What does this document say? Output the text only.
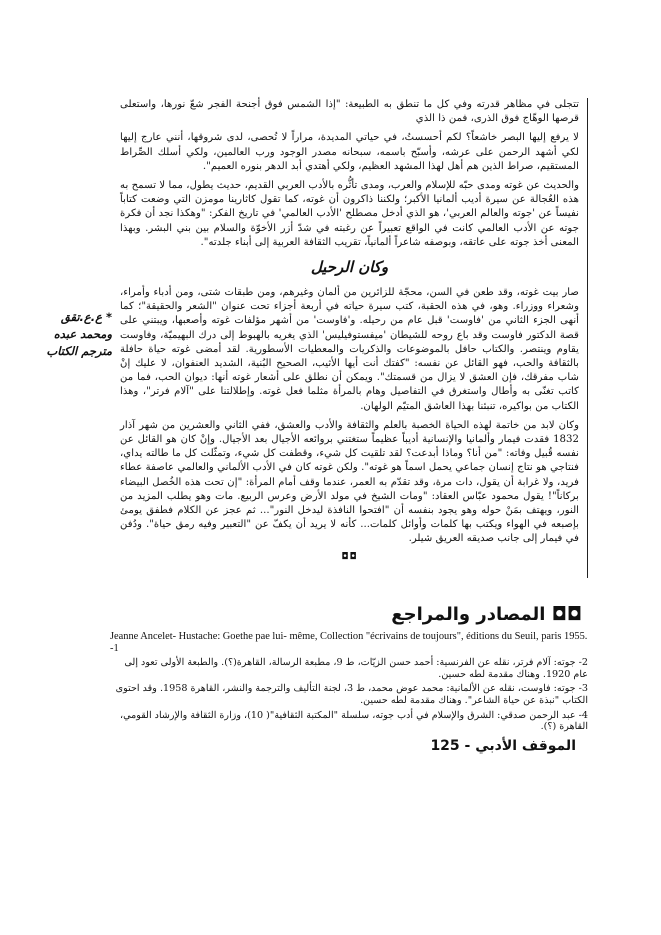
تتجلى في مظاهر قدرته وفي كل ما تنطق به الطبيعة: "إذا الشمس فوق أجنحة الفجر شعّ نورها، واستعلى قرصها الوهّاج فوق الذرى، فمن ذا الذي

لا يرفع إليها البصر خاشعاً؟ لكم أحسستُ، في حياتي المديدة، مراراً لا تُحصى، لدى شروقها، أنني عارج إليها لكي أشهد الرحمن على عرشه، وأسبّح باسمه، سبحانه مصدر الوجود ورب العالمين، ولكي أسلك الصِّراط المستقيم، صراط الذين هم أهل لهذا المشهد العظيم، ولكي أهتدي أبد الدهر بنوره العميم".

والحديث عن غوته ومدى حبّه للإسلام والعرب، ومدى تأثُّره بالأدب العربي القديم، حديث يطول، مما لا تسمح به هذه العُجالة عن سيرة أديب ألمانيا الأكبر؛ ولكننا ذاكرون أن غوته، كما تقول كاثارينا مومزن التي وضعت كتاباً نفيساً عن 'جوته والعالم العربي'، هو الذي أدخل مصطلح 'الأدب العالمي' في تاريخ الفكر: "وهكذا نجد أن فكرة جوته عن الأدب العالمي كانت في الواقع تعبيراً عن رغبته في شدّ أزر الأخوّة والسلام بين بني البشر. وبهذا المعنى أخذ جوته على عاتقه، وبوصفه شاعراً ألمانياً، تقريب الثقافة العربية إلى أبناء جلدته".

وكان الرحيل

صار بيت غوته، وقد طعن في السن، محجّة للزائرين من ألمان وغيرهم، ومن طبقات شتى، ومن أدباء وأمراء، وشعراء ووزراء. وهو، في هذه الحقبة، كتب سيرة حياته في أربعة أجزاء تحت عنوان "الشعر والحقيقة"؛ كما أنهى الجزء الثاني من 'فاوست' قبل عام من رحيله. و'فاوست' من أشهر مؤلفات غوته وأصعبها، ويبتني على قصة الدكتور فاوست وقد باع روحه للشيطان 'ميفستوفيليس' الذي يغريه بالهبوط إلى درك البهيميّة، وفاوست يقاوم وينتصر. والكتاب حافل بالموضوعات والذكريات والمعطيات الأسطورية. لقد أمضى غوته حياة حافلة بالثقافة والحب، فهو القائل عن نفسه: "كفتك أنت أيها الأثيب، الصحيح البُنية، الشديد العنفوان، لا عليك إنْ شاب مفرقك، فإن العشق لا يزال من قسمتك". ويمكن أن نطلق على أشعار غوته أنها: ديوان الحب، فما من كاتب تغنّى به وأطال واستغرق في التفاصيل وهام بالمرأة مثلما فعل غوته. وإطلالتنا على "آلام فرتر"، وهذا الكتاب من بواكيره، تنبئنا بهذا العاشق المتيّم الولهان.

وكان لابد من خاتمة لهذه الحياة الخصبة بالعلم والثقافة والأدب والعشق، ففي الثاني والعشرين من شهر آذار 1832 فقدت فيمار وألمانيا والإنسانية أديباً عظيماً ستغتني بروائعه الأجيال بعد الأجيال. وإنْ كان هو القائل عن نفسه قُبيل وفاته: "من أنا؟ وماذا أبدعت؟ لقد تلقيت كل شيء، وقطفت كل شيء، وتمثّلت كل ما طالته يداي، فنتاجي هو نتاج إنسان جماعي يحمل اسماً هو غوته". ولكن غوته كان في الأدب الألماني والعالمي عاصفة عطاء فريد، ولا غرابة أن يقول، دات مرة، وقد تقدّم به العمر، عندما وقف أمام المرأة: "إن تحت هذه الخُصل البيضاء بركاناً"! يقول محمود عبّاس العقاد: "ومات الشيخ في مولد الأرض وعرس الربيع. مات وهو يطلب المزيد من النور، ويهتف بمَنْ حوله وهو يجود بنفسه أن "افتحوا النافذة ليدخل النور"... ثم عجز عن الكلام فطفق يومئ بإصبعه في الهواء ويكتب بها كلمات وأوائل كلمات... كأنه لا يريد أن يكفّ عن "التعبير وفيه رمق حياة". ودُفن في فيمار إلى جانب صديقه العريق شيلر.

◘◘
* ع.ع.تقق ومحمد عبده مترجم الكتاب
◘◘ المصادر والمراجع
Jeanne Ancelet- Hustache: Goethe pae lui- même, Collection "écrivains de toujours", éditions du Seuil, paris 1955. -1
2- جوته: آلام فرتر، نقله عن الفرنسية: أحمد حسن الزيّات، ط 9، مطبعة الرسالة، القاهرة(؟). والطبعة الأولى تعود إلى عام 1920. وهناك مقدمة لطه حسين.
3- جوته: فاوست، نقله عن الألمانية: محمد عوض محمد، ط 3، لجنة التأليف والترجمة والنشر، القاهرة 1958. وقد احتوى الكتاب "نبذة عن حياة الشاعر". وهناك مقدمة لطه حسين.
4- عبد الرحمن صدقي: الشرق والإسلام في أدب جوته، سلسلة "المكتبة الثقافية"( 10)، وزارة الثقافة والإرشاد القومي، القاهرة (؟).
الموقف الأدبي - 125
